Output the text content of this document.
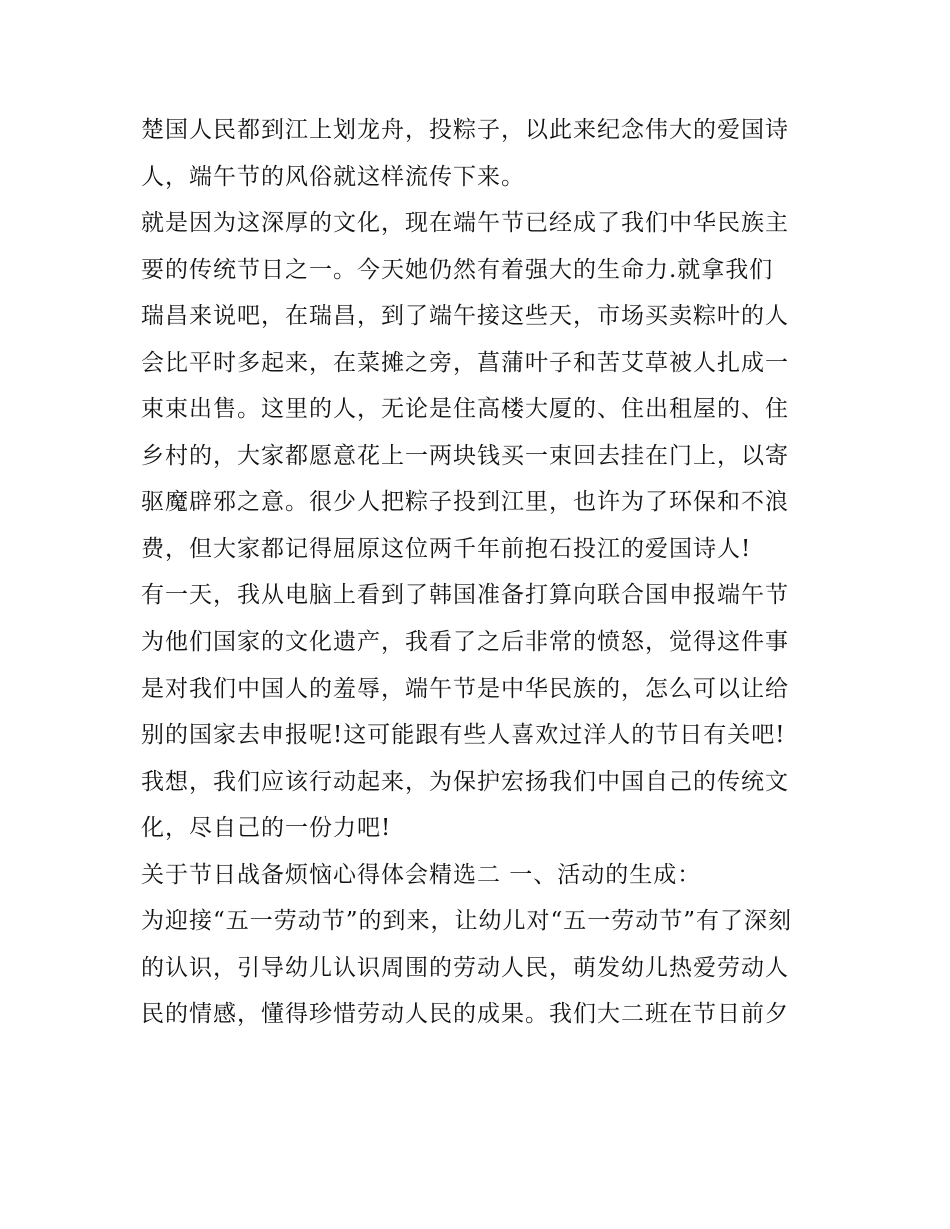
楚国人民都到江上划龙舟，投粽子，以此来纪念伟大的爱国诗
人，端午节的风俗就这样流传下来。
就是因为这深厚的文化，现在端午节已经成了我们中华民族主
要的传统节日之一。今天她仍然有着强大的生命力.就拿我们
瑞昌来说吧，在瑞昌，到了端午接这些天，市场买卖粽叶的人
会比平时多起来，在菜摊之旁，菖蒲叶子和苦艾草被人扎成一
束束出售。这里的人，无论是住高楼大厦的、住出租屋的、住
乡村的，大家都愿意花上一两块钱买一束回去挂在门上，以寄
驱魔辟邪之意。很少人把粽子投到江里，也许为了环保和不浪
费，但大家都记得屈原这位两千年前抱石投江的爱国诗人!
有一天，我从电脑上看到了韩国准备打算向联合国申报端午节
为他们国家的文化遗产，我看了之后非常的愤怒，觉得这件事
是对我们中国人的羞辱，端午节是中华民族的，怎么可以让给
别的国家去申报呢!这可能跟有些人喜欢过洋人的节日有关吧!
我想，我们应该行动起来，为保护宏扬我们中国自己的传统文
化，尽自己的一份力吧!
关于节日战备烦恼心得体会精选二 一、活动的生成：
为迎接“五一劳动节”的到来，让幼儿对“五一劳动节”有了深刻
的认识，引导幼儿认识周围的劳动人民，萌发幼儿热爱劳动人
民的情感，懂得珍惜劳动人民的成果。我们大二班在节日前夕
